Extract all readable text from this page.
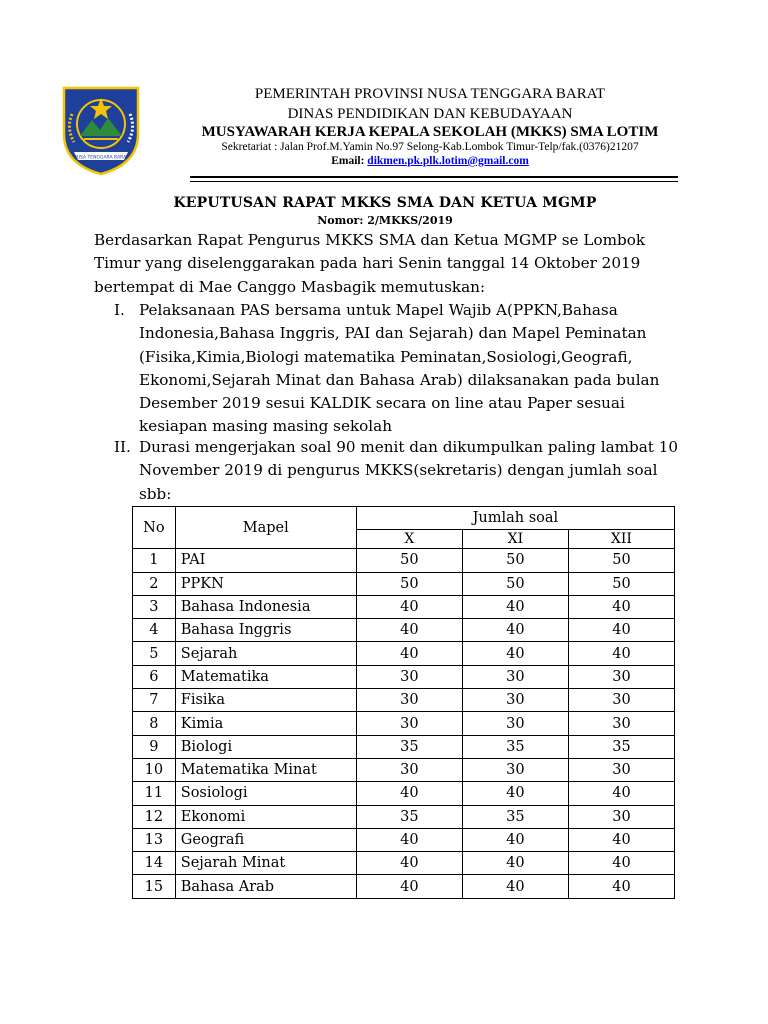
NUSA TENGGARA BARAT
PEMERINTAH PROVINSI NUSA TENGGARA BARAT
DINAS PENDIDIKAN DAN KEBUDAYAAN
MUSYAWARAH KERJA KEPALA SEKOLAH (MKKS) SMA LOTIM
Sekretariat : Jalan Prof.M.Yamin No.97 Selong-Kab.Lombok Timur-Telp/fak.(0376)21207
Email: dikmen.pk.plk.lotim@gmail.com
KEPUTUSAN RAPAT MKKS SMA DAN KETUA MGMP
Nomor: 2/MKKS/2019
Berdasarkan Rapat Pengurus MKKS SMA dan Ketua MGMP se Lombok Timur yang diselenggarakan pada hari Senin tanggal 14 Oktober 2019 bertempat di Mae Canggo Masbagik memutuskan:
I. Pelaksanaan PAS bersama untuk Mapel Wajib A(PPKN,Bahasa Indonesia,Bahasa Inggris, PAI dan Sejarah) dan Mapel Peminatan (Fisika,Kimia,Biologi matematika Peminatan,Sosiologi,Geografi, Ekonomi,Sejarah Minat dan Bahasa Arab) dilaksanakan pada bulan Desember 2019 sesui KALDIK secara on line atau Paper sesuai kesiapan masing masing sekolah
II. Durasi mengerjakan soal 90 menit dan dikumpulkan paling lambat 10 November 2019 di pengurus MKKS(sekretaris) dengan jumlah soal sbb:
No	Mapel	Jumlah soal		
		X	XI	XII
1	PAI	50	50	50
2	PPKN	50	50	50
3	Bahasa Indonesia	40	40	40
4	Bahasa Inggris	40	40	40
5	Sejarah	40	40	40
6	Matematika	30	30	30
7	Fisika	30	30	30
8	Kimia	30	30	30
9	Biologi	35	35	35
10	Matematika Minat	30	30	30
11	Sosiologi	40	40	40
12	Ekonomi	35	35	30
13	Geografi	40	40	40
14	Sejarah Minat	40	40	40
15	Bahasa Arab	40	40	40
